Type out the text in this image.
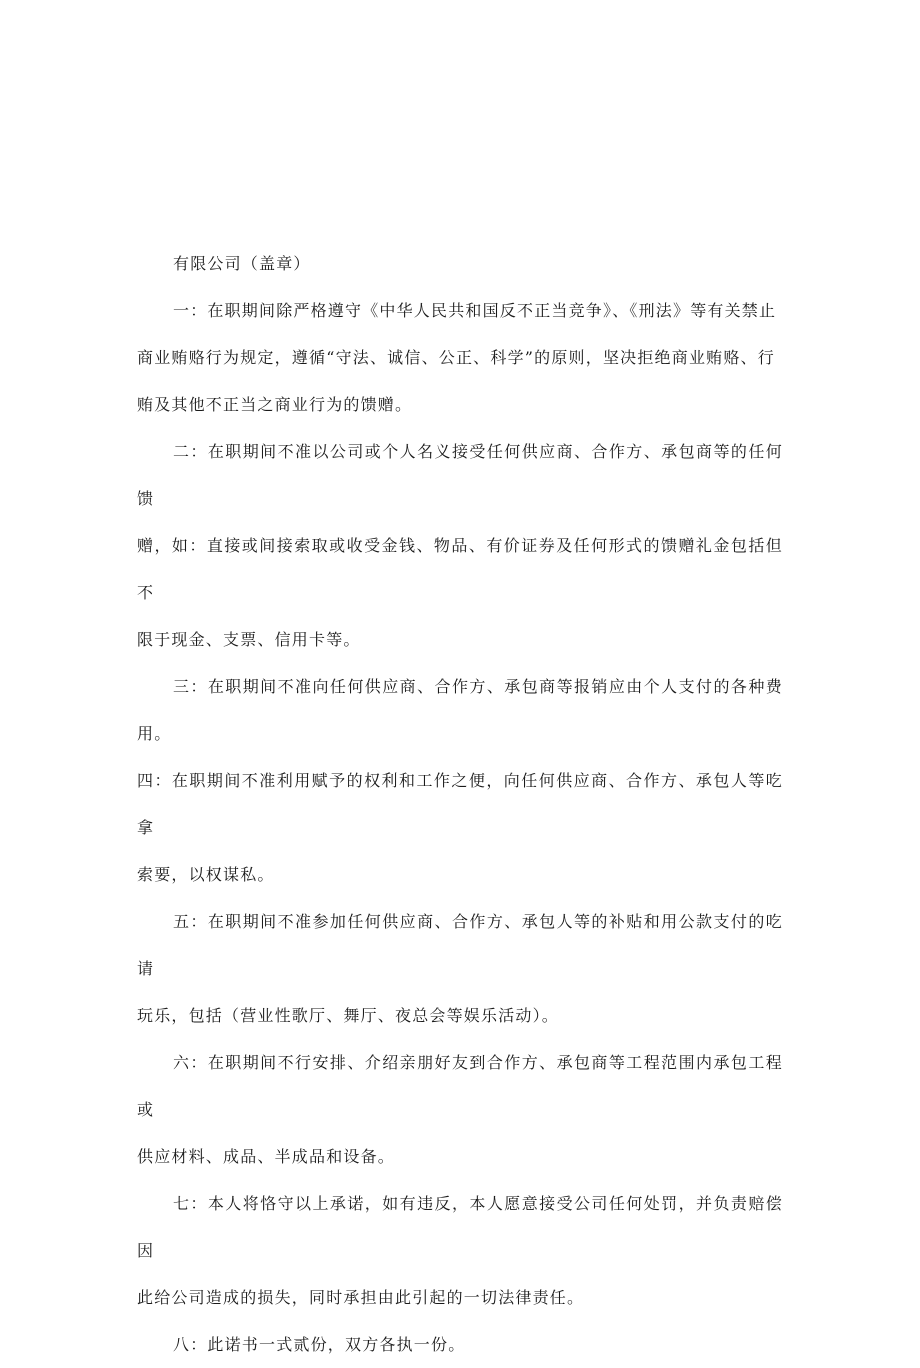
有限公司（盖章）

一：在职期间除严格遵守《中华人民共和国反不正当竞争》、《刑法》等有关禁止
商业贿赂行为规定，遵循“守法、诚信、公正、科学”的原则，坚决拒绝商业贿赂、行
贿及其他不正当之商业行为的馈赠。

二：在职期间不准以公司或个人名义接受任何供应商、合作方、承包商等的任何馈
赠，如：直接或间接索取或收受金钱、物品、有价证券及任何形式的馈赠礼金包括但不
限于现金、支票、信用卡等。

三：在职期间不准向任何供应商、合作方、承包商等报销应由个人支付的各种费用。

四：在职期间不准利用赋予的权利和工作之便，向任何供应商、合作方、承包人等吃拿
索要，以权谋私。

五：在职期间不准参加任何供应商、合作方、承包人等的补贴和用公款支付的吃请
玩乐，包括（营业性歌厅、舞厅、夜总会等娱乐活动）。

六：在职期间不行安排、介绍亲朋好友到合作方、承包商等工程范围内承包工程或
供应材料、成品、半成品和设备。

七：本人将恪守以上承诺，如有违反，本人愿意接受公司任何处罚，并负责赔偿因
此给公司造成的损失，同时承担由此引起的一切法律责任。

八：此诺书一式贰份，双方各执一份。
